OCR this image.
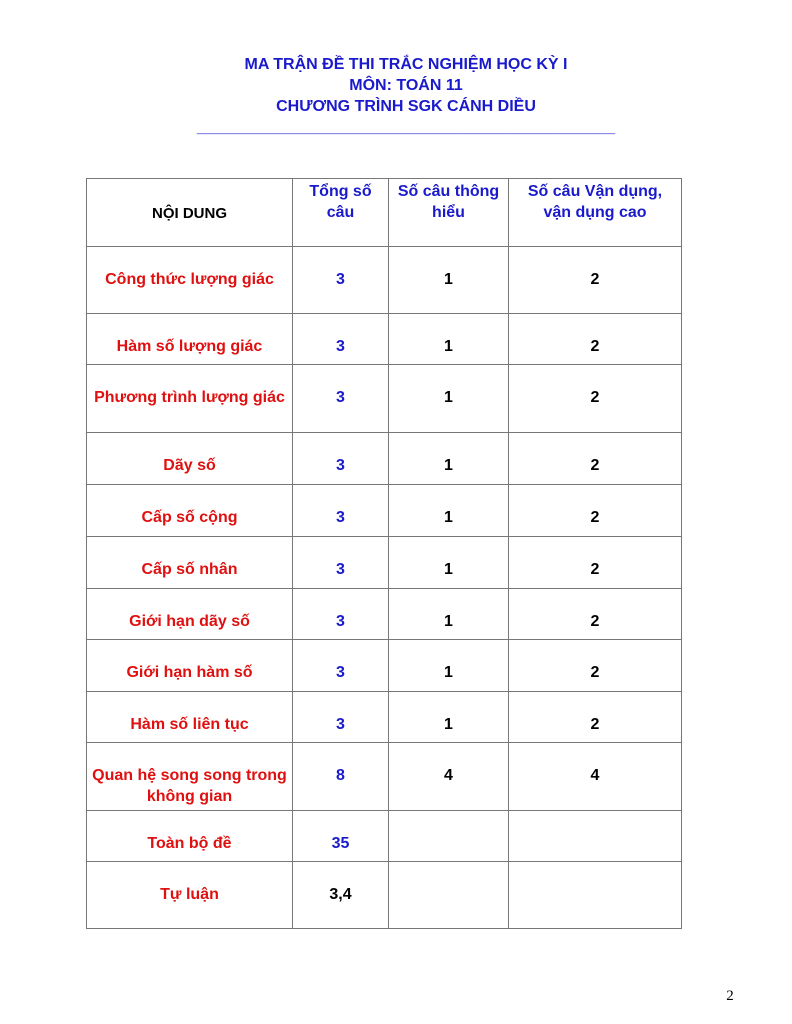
MA TRẬN ĐỀ THI TRẮC NGHIỆM HỌC KỲ I
MÔN: TOÁN 11
CHƯƠNG TRÌNH SGK CÁNH DIỀU
_______________________________________________
NỘI DUNG	Tổng số câu	Số câu thông hiểu	Số câu Vận dụng, vận dụng cao
Công thức lượng giác	3	1	2
Hàm số lượng giác	3	1	2
Phương trình lượng giác	3	1	2
Dãy số	3	1	2
Cấp số cộng	3	1	2
Cấp số nhân	3	1	2
Giới hạn dãy số	3	1	2
Giới hạn hàm số	3	1	2
Hàm số liên tục	3	1	2
Quan hệ song song trong không gian	8	4	4
Toàn bộ đề	35		
Tự luận	3,4		
2
